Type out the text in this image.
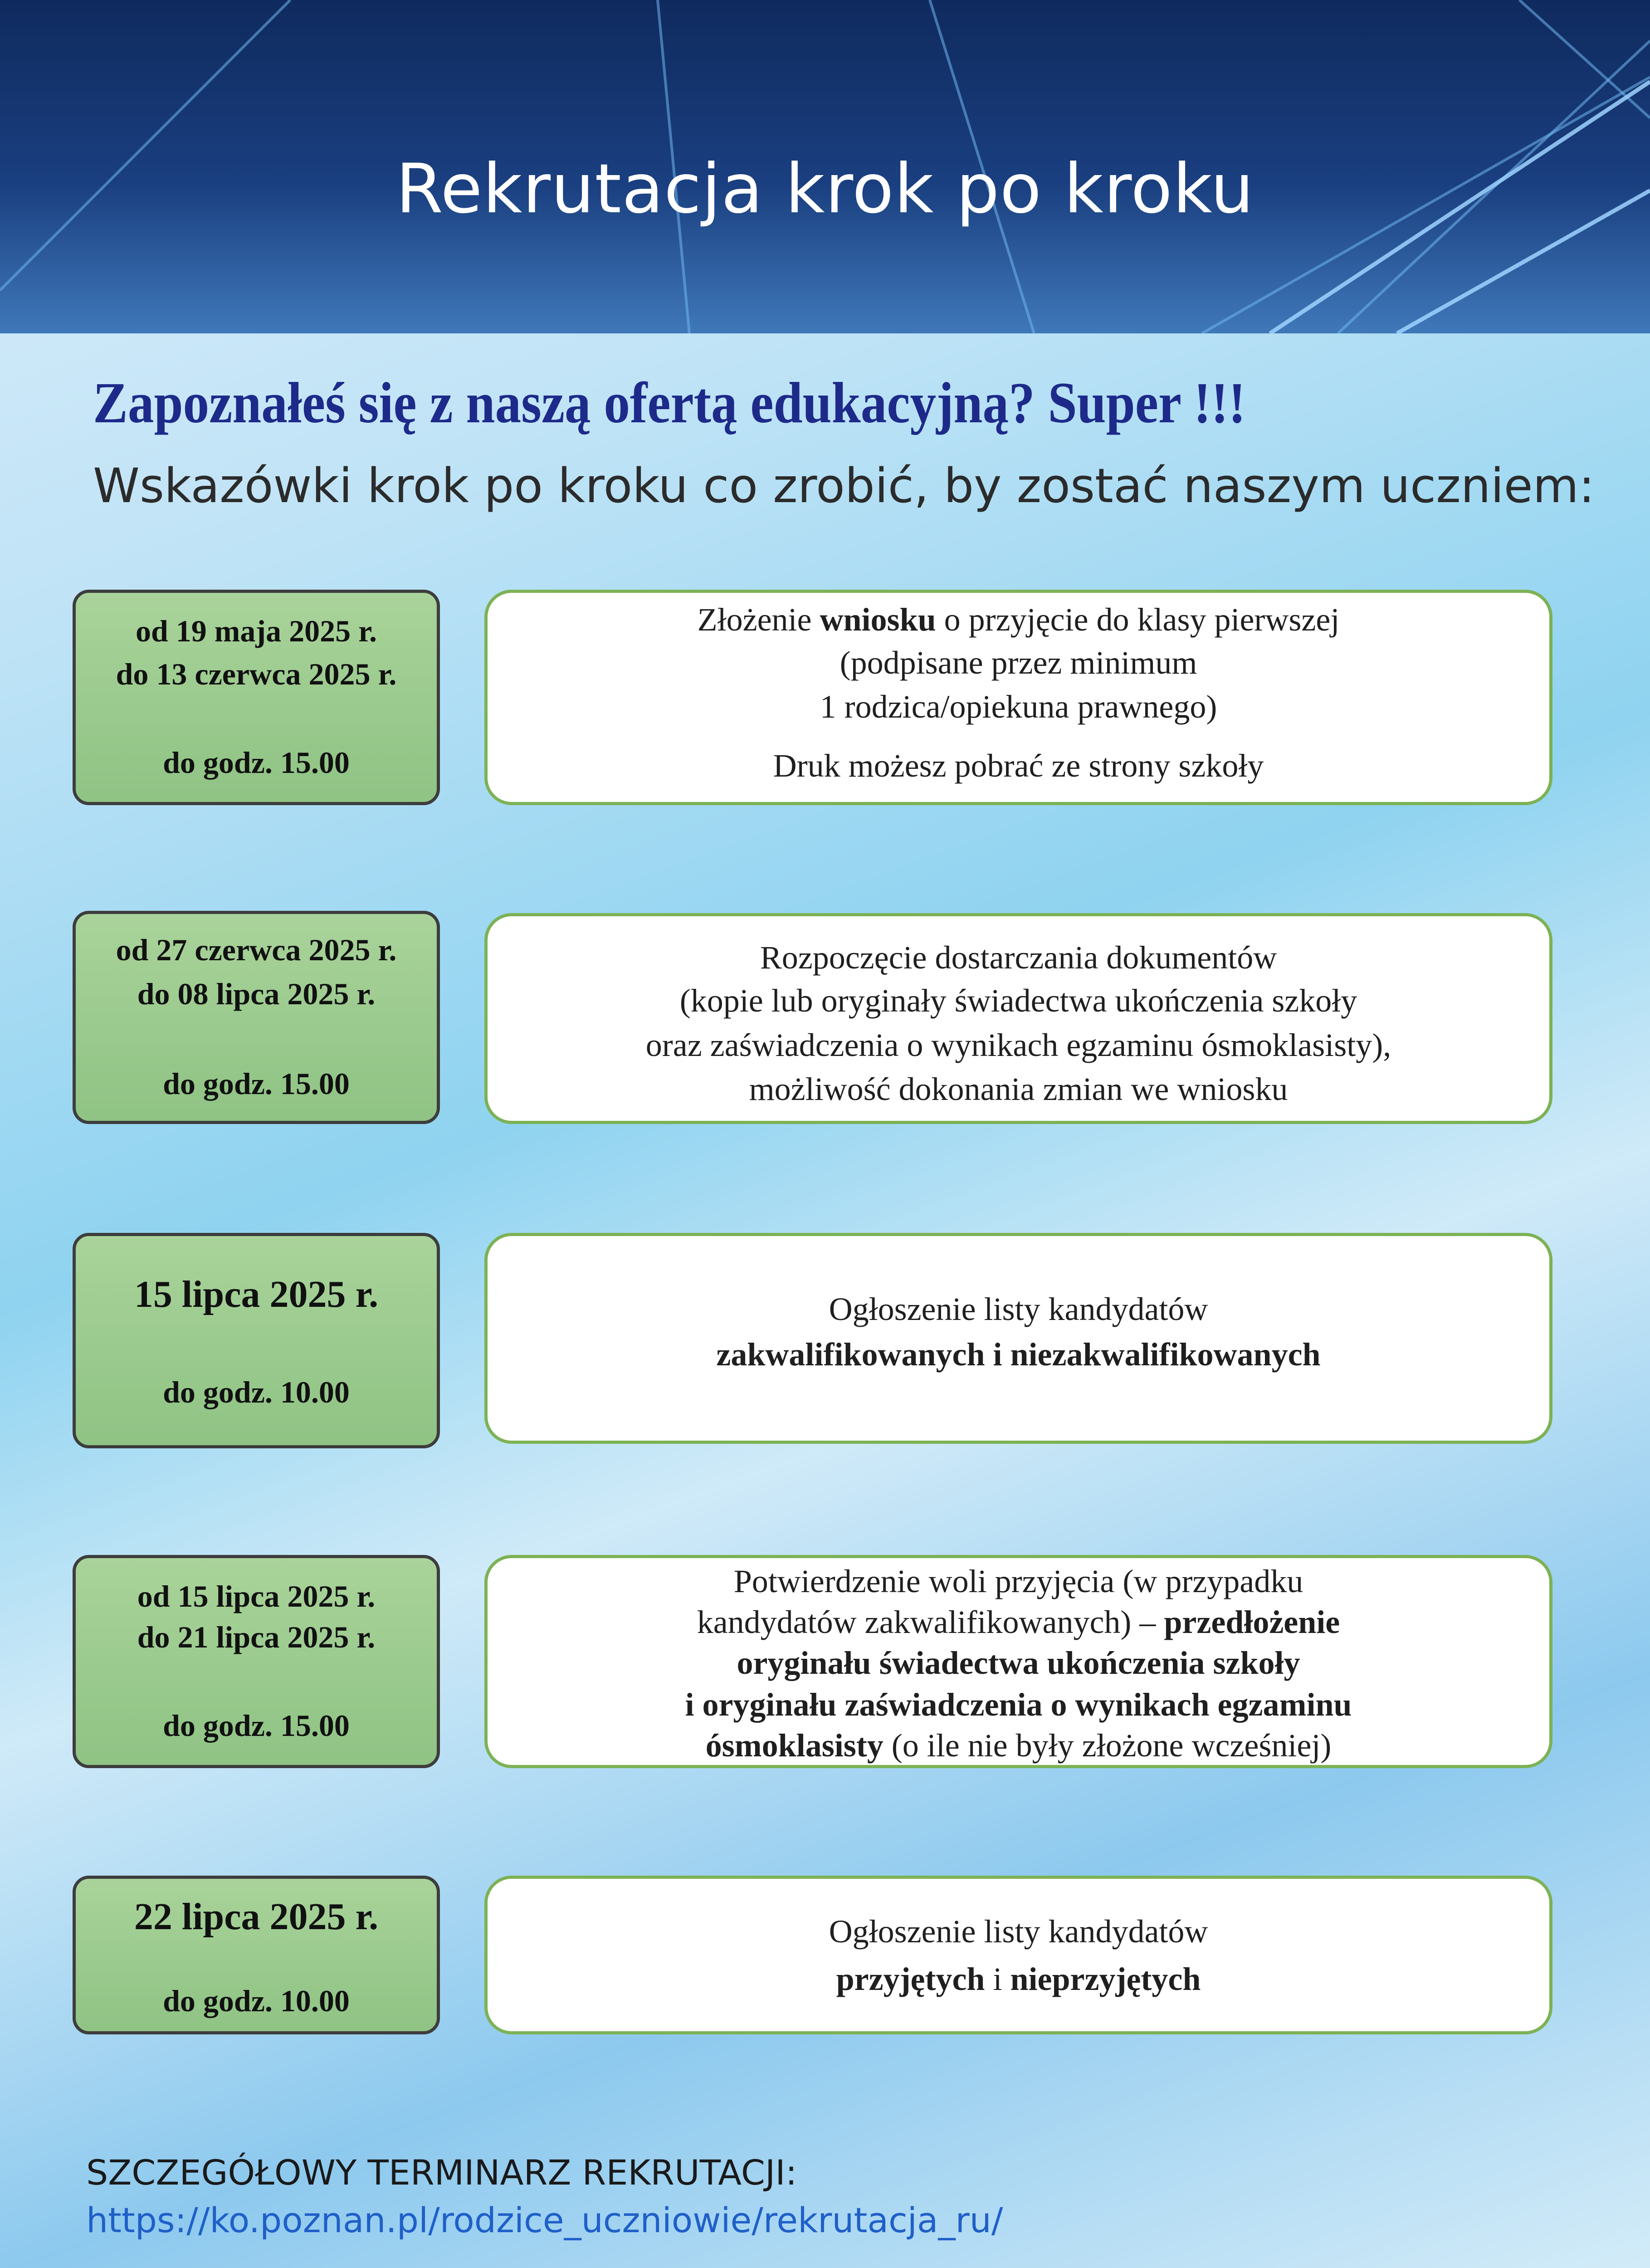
Rekrutacja krok po kroku
Zapoznałeś się z naszą ofertą edukacyjną? Super !!!
Wskazówki krok po kroku co zrobić, by zostać naszym uczniem:
od 19 maja 2025 r.
do 13 czerwca 2025 r.
do godz. 15.00
Złożenie wniosku o przyjęcie do klasy pierwszej
(podpisane przez minimum
1 rodzica/opiekuna prawnego)
Druk możesz pobrać ze strony szkoły
od 27 czerwca 2025 r.
do 08 lipca 2025 r.
do godz. 15.00
Rozpoczęcie dostarczania dokumentów
(kopie lub oryginały świadectwa ukończenia szkoły
oraz zaświadczenia o wynikach egzaminu ósmoklasisty),
możliwość dokonania zmian we wniosku
15 lipca 2025 r.
do godz. 10.00
Ogłoszenie listy kandydatów
zakwalifikowanych i niezakwalifikowanych
od 15 lipca 2025 r.
do 21 lipca 2025 r.
do godz. 15.00
Potwierdzenie woli przyjęcia (w przypadku
kandydatów zakwalifikowanych) – przedłożenie
oryginału świadectwa ukończenia szkoły
i oryginału zaświadczenia o wynikach egzaminu
ósmoklasisty (o ile nie były złożone wcześniej)
22 lipca 2025 r.
do godz. 10.00
Ogłoszenie listy kandydatów
przyjętych i nieprzyjętych
SZCZEGÓŁOWY TERMINARZ REKRUTACJI:
https://ko.poznan.pl/rodzice_uczniowie/rekrutacja_ru/
